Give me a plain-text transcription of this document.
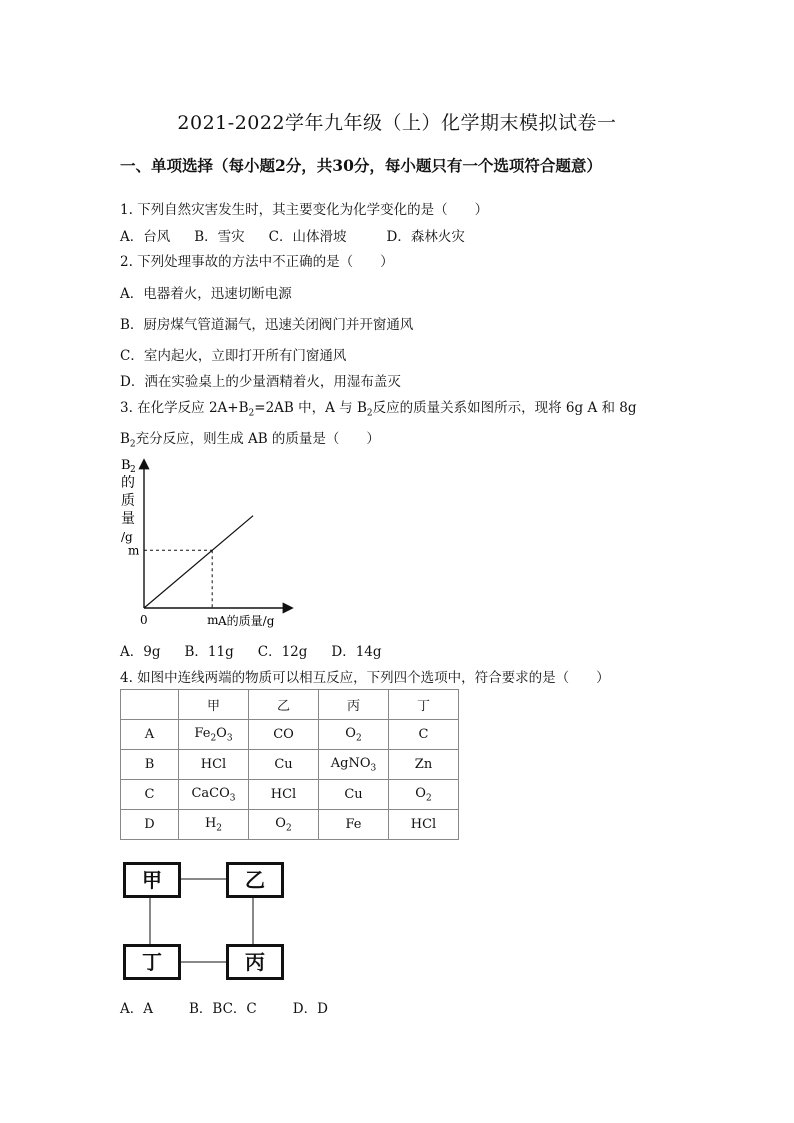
2021-2022学年九年级（上）化学期末模拟试卷一
一、单项选择（每小题2分，共30分，每小题只有一个选项符合题意）
1. 下列自然灾害发生时，其主要变化为化学变化的是（　　）
A．台风 B．雪灾 C．山体滑坡	D．森林火灾
2. 下列处理事故的方法中不正确的是（　　）
A．电器着火，迅速切断电源
B．厨房煤气管道漏气，迅速关闭阀门并开窗通风
C．室内起火，立即打开所有门窗通风
D．洒在实验桌上的少量酒精着火，用湿布盖灭
3. 在化学反应 $2A+B_2=2AB$ 中，A 与 $B_2$反应的质量关系如图所示，现将 6g A 和 8g
$B_2$充分反应，则生成 AB 的质量是（　　）
B 2
的
质
量
/g
m
0	m A的质量/g
A．9g B．11g C．12g D．14g
4. 如图中连线两端的物质可以相互反应，下列四个选项中，符合要求的是（　　）
	甲	乙	丙	丁
A	$Fe_2O_3$	CO	$O_2$	C
B	HCl	Cu	AgNO$_3$	Zn
C	CaCO$_3$	HCl	Cu	$O_2$
D	$H_2$	$O_2$	Fe	HCl
甲	乙
丁	丙
A．A	B．BC．C	D．D
